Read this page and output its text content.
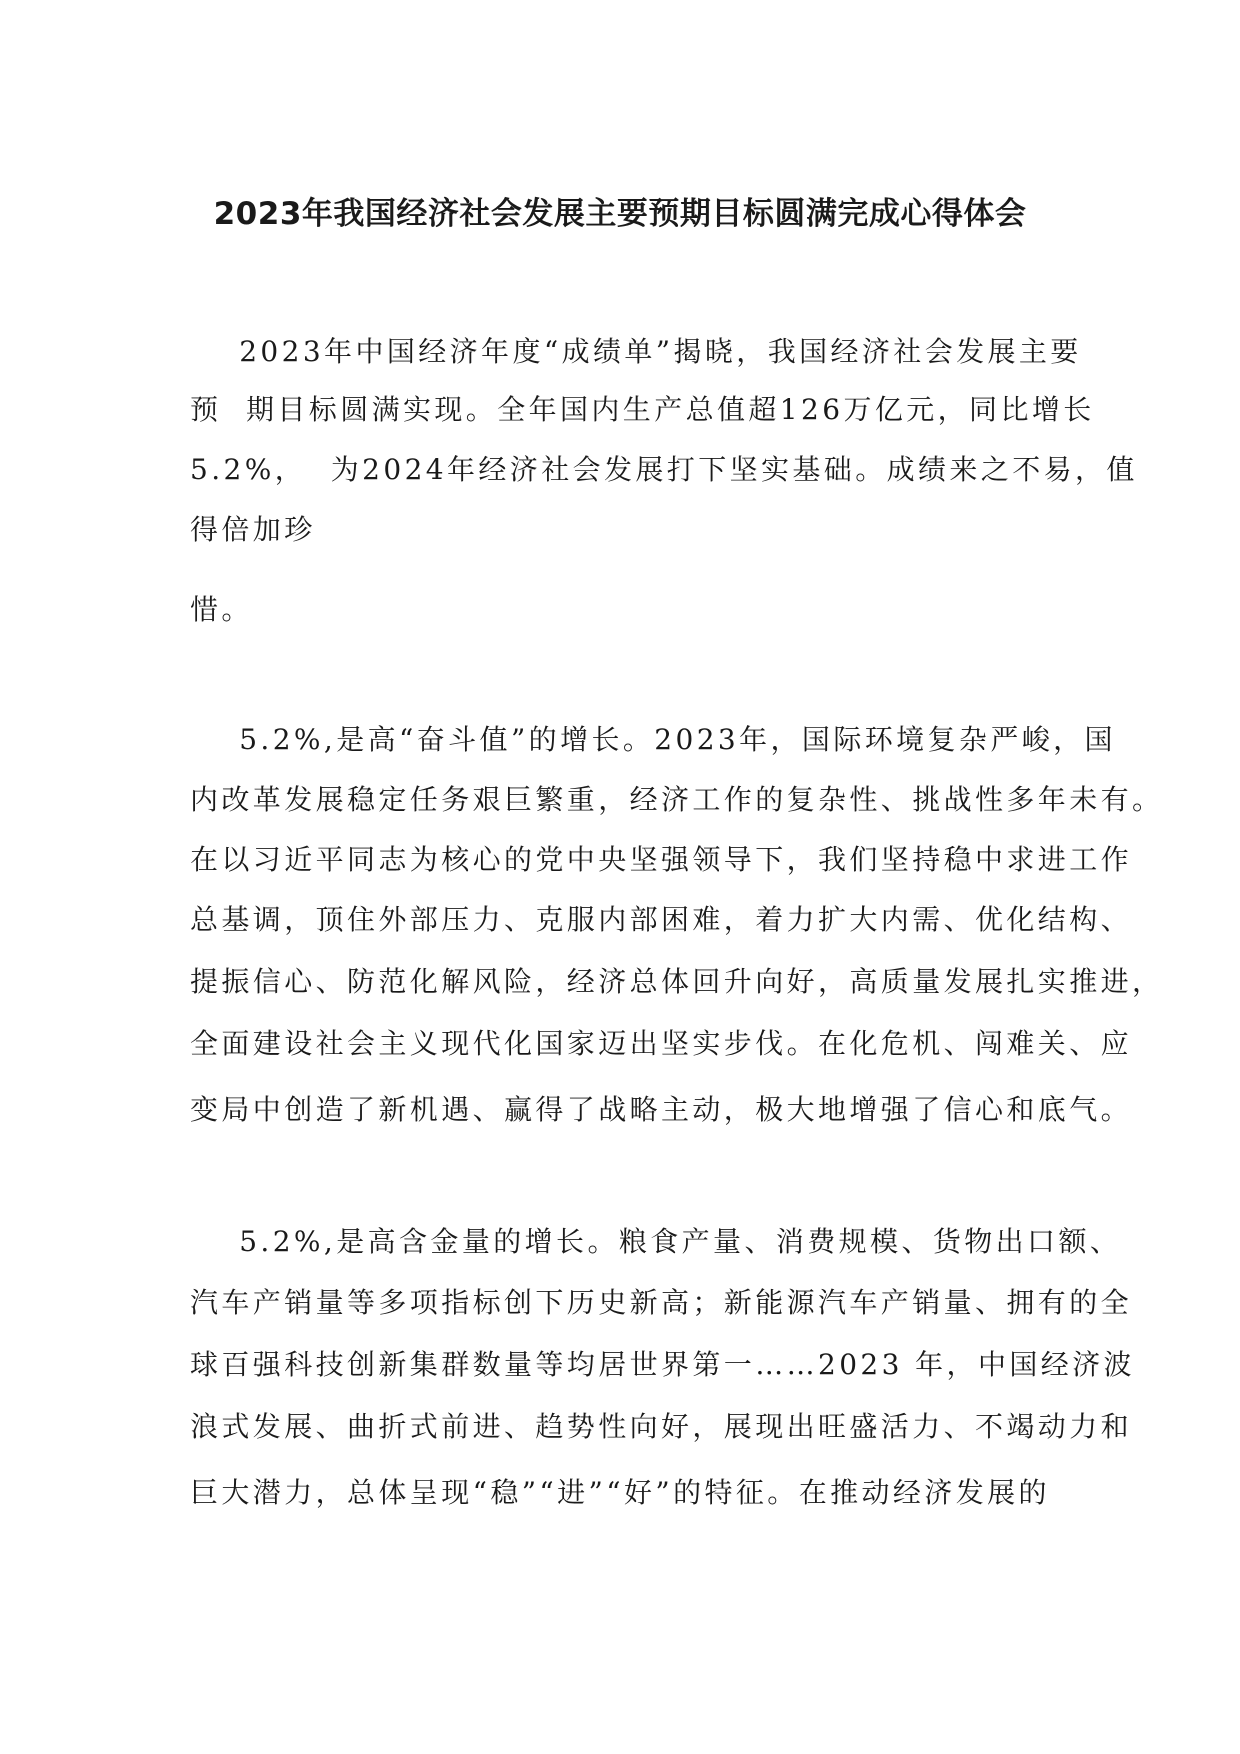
2023年我国经济社会发展主要预期目标圆满完成心得体会

2023年中国经济年度“成绩单”揭晓，我国经济社会发展主要

预  期目标圆满实现。全年国内生产总值超126万亿元，同比增长

5.2%，  为2024年经济社会发展打下坚实基础。成绩来之不易，值

得倍加珍

惜。

5.2%,是高“奋斗值”的增长。2023年，国际环境复杂严峻，国

内改革发展稳定任务艰巨繁重，经济工作的复杂性、挑战性多年未有。

在以习近平同志为核心的党中央坚强领导下，我们坚持稳中求进工作

总基调，顶住外部压力、克服内部困难，着力扩大内需、优化结构、

提振信心、防范化解风险，经济总体回升向好，高质量发展扎实推进，

全面建设社会主义现代化国家迈出坚实步伐。在化危机、闯难关、应

变局中创造了新机遇、赢得了战略主动，极大地增强了信心和底气。

5.2%,是高含金量的增长。粮食产量、消费规模、货物出口额、

汽车产销量等多项指标创下历史新高；新能源汽车产销量、拥有的全

球百强科技创新集群数量等均居世界第一……2023 年，中国经济波

浪式发展、曲折式前进、趋势性向好，展现出旺盛活力、不竭动力和

巨大潜力，总体呈现“稳”“进”“好”的特征。在推动经济发展的
